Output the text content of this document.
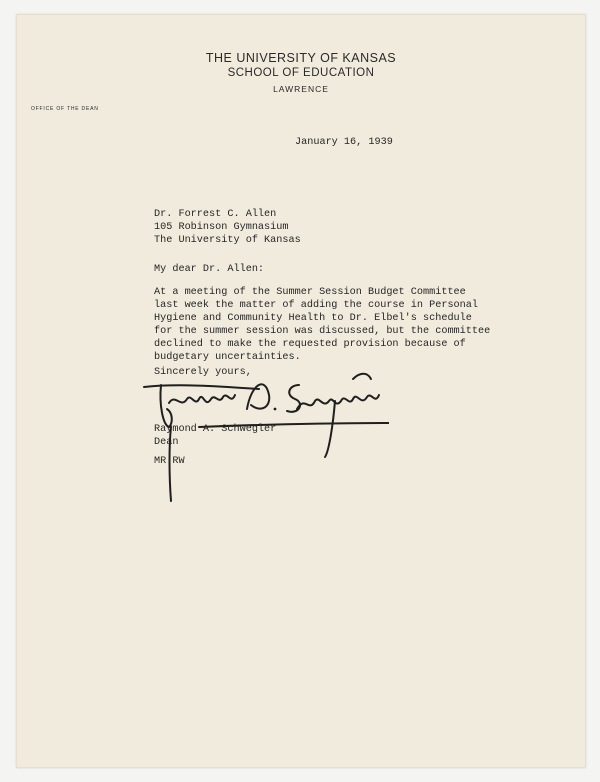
THE UNIVERSITY OF KANSAS
SCHOOL OF EDUCATION
LAWRENCE
OFFICE OF THE DEAN
January 16, 1939
Dr. Forrest C. Allen
105 Robinson Gymnasium
The University of Kansas
My dear Dr. Allen:
At a meeting of the Summer Session Budget Committee
last week the matter of adding the course in Personal
Hygiene and Community Health to Dr. Elbel's schedule
for the summer session was discussed, but the committee
declined to make the requested provision because of
budgetary uncertainties.
Sincerely yours,
Raymond A. Schwegler
Dean
MR:RW
